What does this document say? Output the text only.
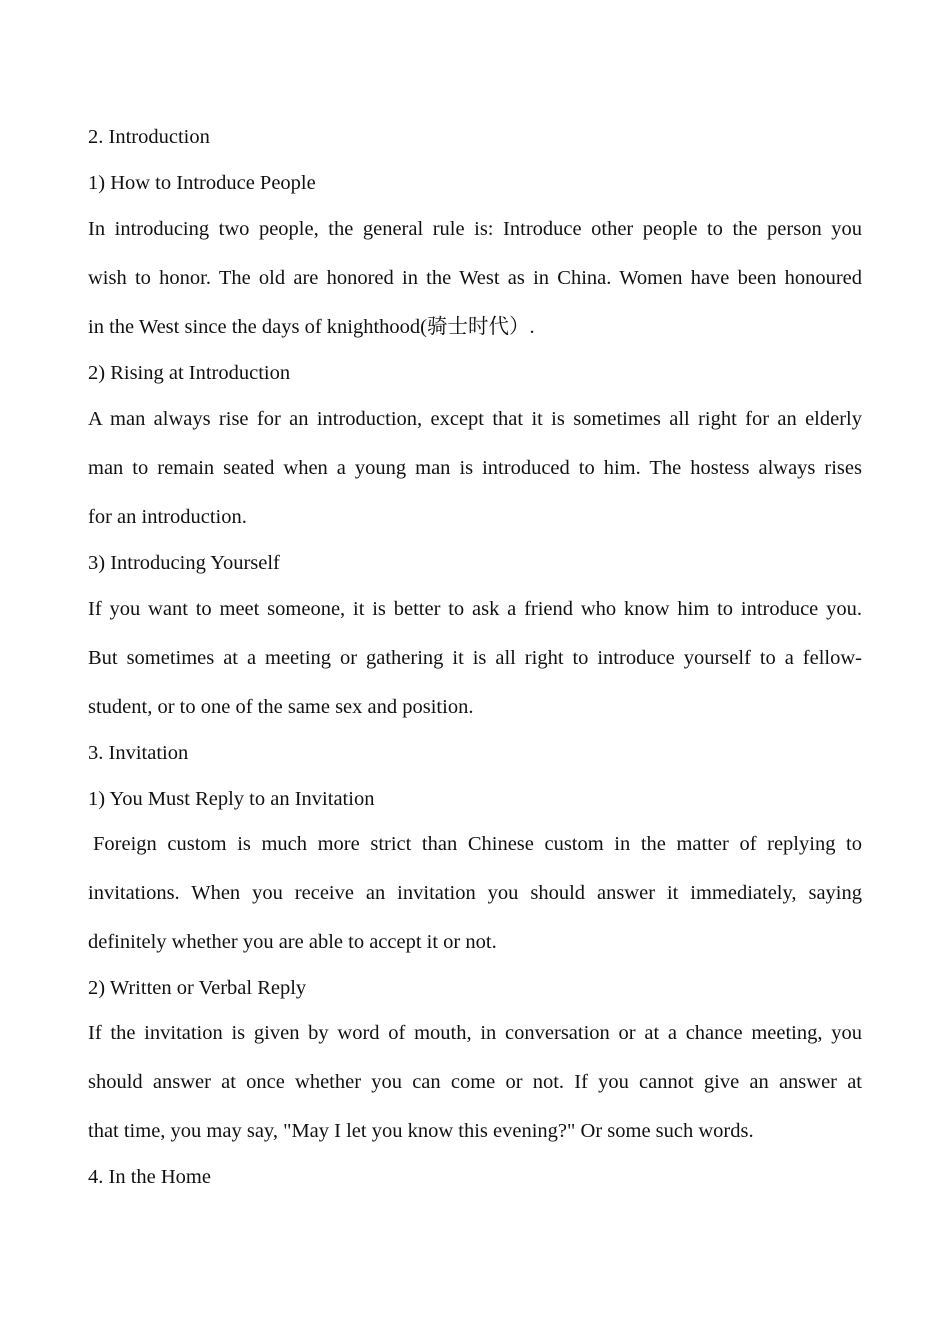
2. Introduction

1) How to Introduce People

In introducing two people, the general rule is: Introduce other people to the person you

wish to honor. The old are honored in the West as in China. Women have been honoured

in the West since the days of knighthood(骑士时代）.

2) Rising at Introduction

A man always rise for an introduction, except that it is sometimes all right for an elderly

man to remain seated when a young man is introduced to him. The hostess always rises

for an introduction.

3) Introducing Yourself

If you want to meet someone, it is better to ask a friend who know him to introduce you.

But sometimes at a meeting or gathering it is all right to introduce yourself to a fellow-

student, or to one of the same sex and position.

3. Invitation

1) You Must Reply to an Invitation

Foreign custom is much more strict than Chinese custom in the matter of replying to

invitations. When you receive an invitation you should answer it immediately, saying

definitely whether you are able to accept it or not.

2) Written or Verbal Reply

If the invitation is given by word of mouth, in conversation or at a chance meeting, you

should answer at once whether you can come or not. If you cannot give an answer at

that time, you may say, "May I let you know this evening?" Or some such words.

4. In the Home
